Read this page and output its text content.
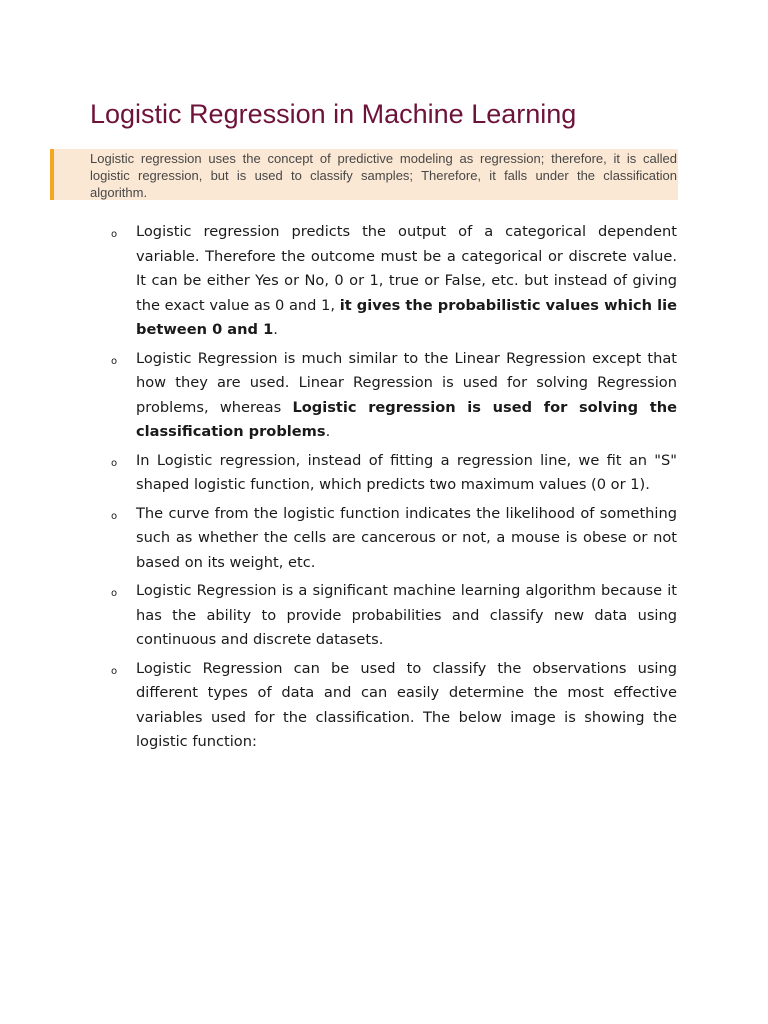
Logistic Regression in Machine Learning

Logistic regression uses the concept of predictive modeling as regression; therefore, it is called logistic regression, but is used to classify samples; Therefore, it falls under the classification algorithm.

o Logistic regression predicts the output of a categorical dependent variable. Therefore the outcome must be a categorical or discrete value. It can be either Yes or No, 0 or 1, true or False, etc. but instead of giving the exact value as 0 and 1, it gives the probabilistic values which lie between 0 and 1.
o Logistic Regression is much similar to the Linear Regression except that how they are used. Linear Regression is used for solving Regression problems, whereas Logistic regression is used for solving the classification problems.
o In Logistic regression, instead of fitting a regression line, we fit an "S" shaped logistic function, which predicts two maximum values (0 or 1).
o The curve from the logistic function indicates the likelihood of something such as whether the cells are cancerous or not, a mouse is obese or not based on its weight, etc.
o Logistic Regression is a significant machine learning algorithm because it has the ability to provide probabilities and classify new data using continuous and discrete datasets.
o Logistic Regression can be used to classify the observations using different types of data and can easily determine the most effective variables used for the classification. The below image is showing the logistic function:
